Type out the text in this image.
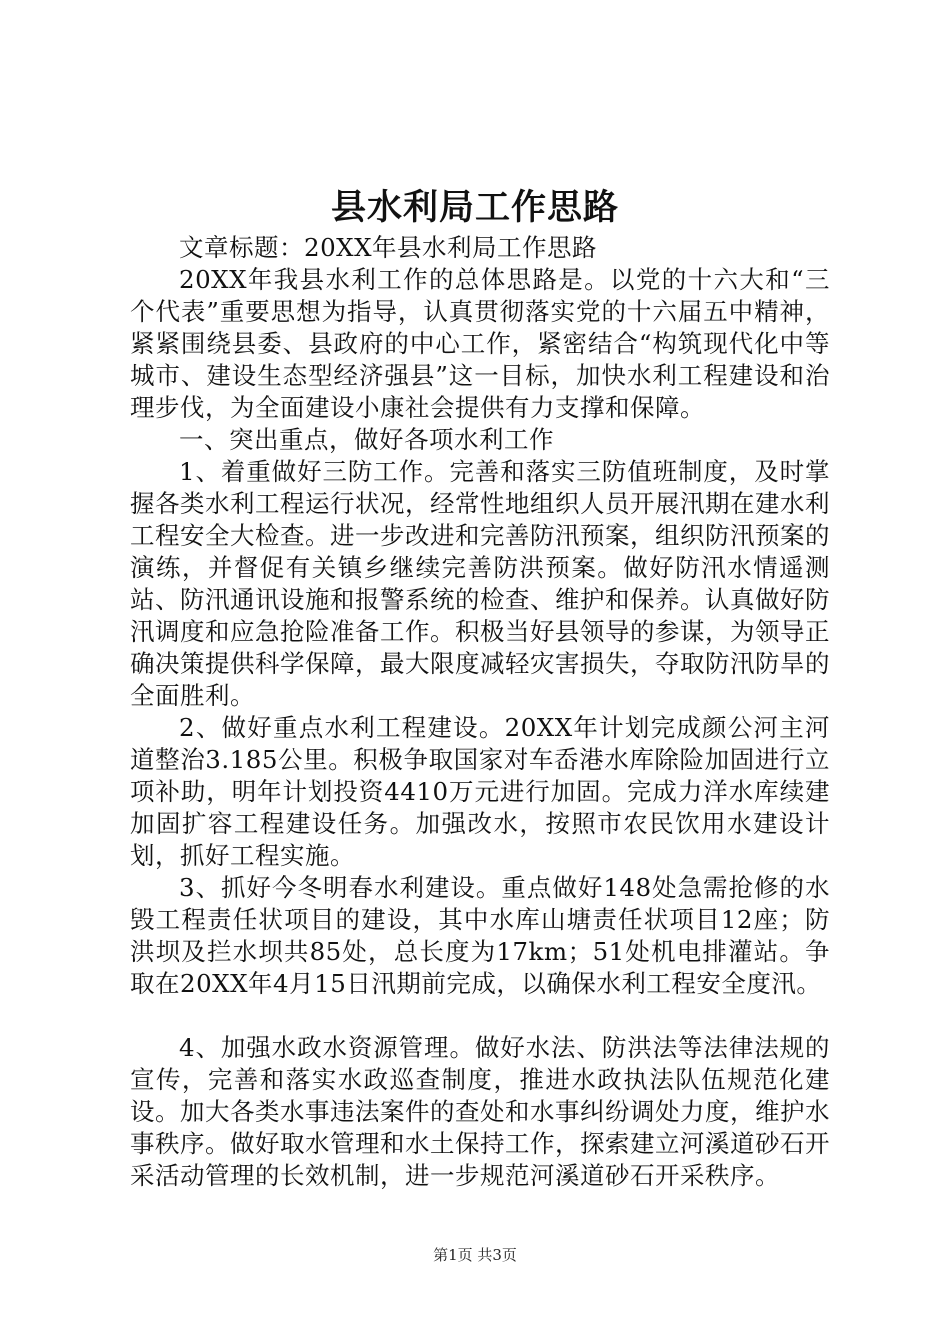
县水利局工作思路

文章标题：20XX年县水利局工作思路

20XX年我县水利工作的总体思路是。以党的十六大和“三个代表”重要思想为指导，认真贯彻落实党的十六届五中精神，紧紧围绕县委、县政府的中心工作，紧密结合“构筑现代化中等城市、建设生态型经济强县”这一目标，加快水利工程建设和治理步伐，为全面建设小康社会提供有力支撑和保障。

一、突出重点，做好各项水利工作

1、着重做好三防工作。完善和落实三防值班制度，及时掌握各类水利工程运行状况，经常性地组织人员开展汛期在建水利工程安全大检查。进一步改进和完善防汛预案，组织防汛预案的演练，并督促有关镇乡继续完善防洪预案。做好防汛水情遥测站、防汛通讯设施和报警系统的检查、维护和保养。认真做好防汛调度和应急抢险准备工作。积极当好县领导的参谋，为领导正确决策提供科学保障，最大限度减轻灾害损失，夺取防汛防旱的全面胜利。

2、做好重点水利工程建设。20XX年计划完成颜公河主河道整治3.185公里。积极争取国家对车岙港水库除险加固进行立项补助，明年计划投资4410万元进行加固。完成力洋水库续建加固扩容工程建设任务。加强改水，按照市农民饮用水建设计划，抓好工程实施。

3、抓好今冬明春水利建设。重点做好148处急需抢修的水毁工程责任状项目的建设，其中水库山塘责任状项目12座；防洪坝及拦水坝共85处，总长度为17km；51处机电排灌站。争取在20XX年4月15日汛期前完成，以确保水利工程安全度汛。

4、加强水政水资源管理。做好水法、防洪法等法律法规的宣传，完善和落实水政巡查制度，推进水政执法队伍规范化建设。加大各类水事违法案件的查处和水事纠纷调处力度，维护水事秩序。做好取水管理和水土保持工作，探索建立河溪道砂石开采活动管理的长效机制，进一步规范河溪道砂石开采秩序。

第1页 共3页
